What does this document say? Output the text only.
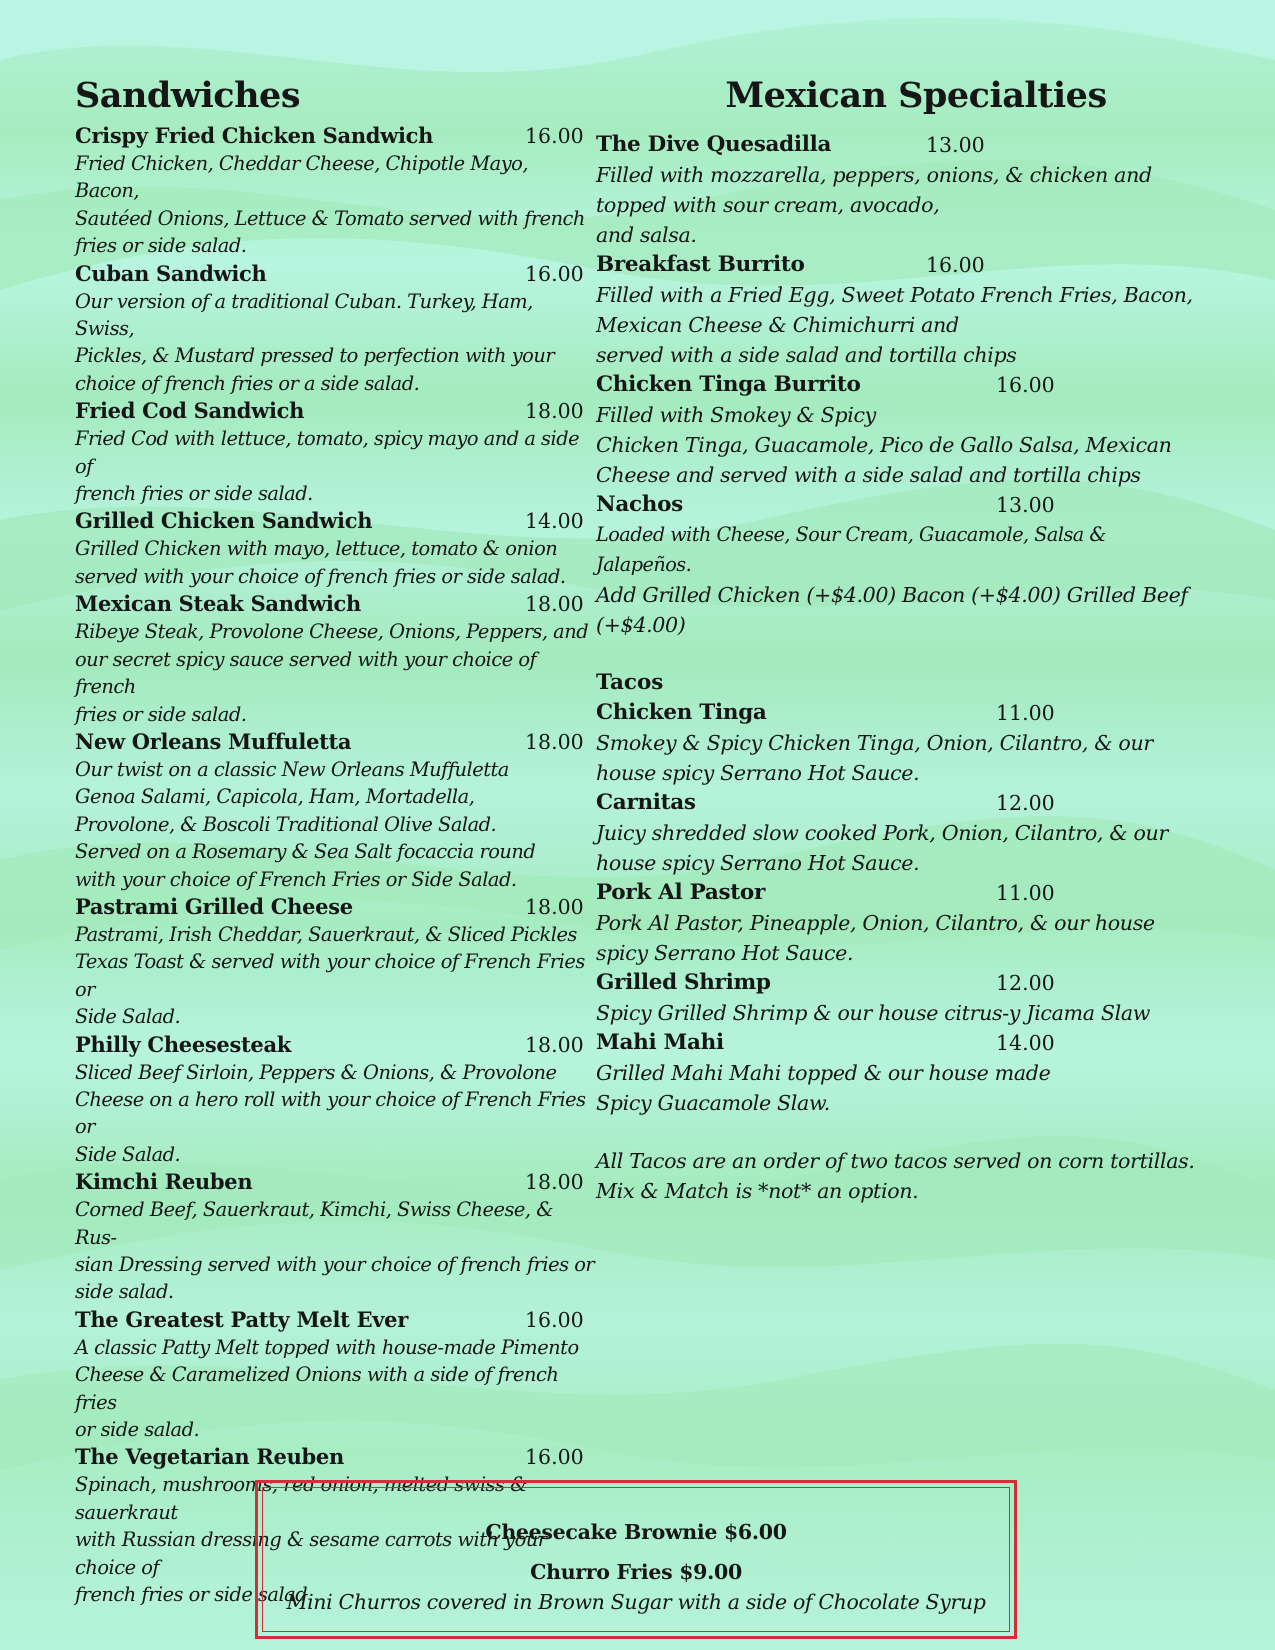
Sandwiches
Crispy Fried Chicken Sandwich	16.00
Fried Chicken, Cheddar Cheese, Chipotle Mayo, Bacon,
Sautéed Onions, Lettuce & Tomato served with french
fries or side salad.
Cuban Sandwich	16.00
Our version of a traditional Cuban. Turkey, Ham, Swiss,
Pickles, & Mustard pressed to perfection with your
choice of french fries or a side salad.
Fried Cod Sandwich	18.00
Fried Cod with lettuce, tomato, spicy mayo and a side of
french fries or side salad.
Grilled Chicken Sandwich	14.00
Grilled Chicken with mayo, lettuce, tomato & onion
served with your choice of french fries or side salad.
Mexican Steak Sandwich	18.00
Ribeye Steak, Provolone Cheese, Onions, Peppers, and
our secret spicy sauce served with your choice of french
fries or side salad.
New Orleans Muffuletta	18.00
Our twist on a classic New Orleans Muffuletta
Genoa Salami, Capicola, Ham, Mortadella,
Provolone, & Boscoli Traditional Olive Salad.
Served on a Rosemary & Sea Salt focaccia round
with your choice of French Fries or Side Salad.
Pastrami Grilled Cheese	18.00
Pastrami, Irish Cheddar, Sauerkraut, & Sliced Pickles
Texas Toast & served with your choice of French Fries or
Side Salad.
Philly Cheesesteak	18.00
Sliced Beef Sirloin, Peppers & Onions, & Provolone
Cheese on a hero roll with your choice of French Fries or
Side Salad.
Kimchi Reuben	18.00
Corned Beef, Sauerkraut, Kimchi, Swiss Cheese, & Rus-
sian Dressing served with your choice of french fries or
side salad.
The Greatest Patty Melt Ever	16.00
A classic Patty Melt topped with house-made Pimento
Cheese & Caramelized Onions with a side of french fries
or side salad.
The Vegetarian Reuben	16.00
Spinach, mushrooms, red onion, melted swiss & sauerkraut
with Russian dressing & sesame carrots with your choice of
french fries or side salad
Mexican Specialties
The Dive Quesadilla	13.00
Filled with mozzarella, peppers, onions, & chicken and
topped with sour cream, avocado,
and salsa.
Breakfast Burrito	16.00
Filled with a Fried Egg, Sweet Potato French Fries, Bacon,
Mexican Cheese & Chimichurri and
served with a side salad and tortilla chips
Chicken Tinga Burrito	16.00
Filled with Smokey & Spicy
Chicken Tinga, Guacamole, Pico de Gallo Salsa, Mexican
Cheese and served with a side salad and tortilla chips
Nachos	13.00
Loaded with Cheese, Sour Cream, Guacamole, Salsa & Jalapeños.
Add Grilled Chicken (+$4.00) Bacon (+$4.00) Grilled Beef
(+$4.00)
Tacos
Chicken Tinga	11.00
Smokey & Spicy Chicken Tinga, Onion, Cilantro, & our
house spicy Serrano Hot Sauce.
Carnitas	12.00
Juicy shredded slow cooked Pork, Onion, Cilantro, & our
house spicy Serrano Hot Sauce.
Pork Al Pastor	11.00
Pork Al Pastor, Pineapple, Onion, Cilantro, & our house
spicy Serrano Hot Sauce.
Grilled Shrimp	12.00
Spicy Grilled Shrimp & our house citrus-y Jicama Slaw
Mahi Mahi	14.00
Grilled Mahi Mahi topped & our house made
Spicy Guacamole Slaw.
All Tacos are an order of two tacos served on corn tortillas.
Mix & Match is *not* an option.
Cheesecake Brownie $6.00
Churro Fries $9.00
Mini Churros covered in Brown Sugar with a side of Chocolate Syrup
